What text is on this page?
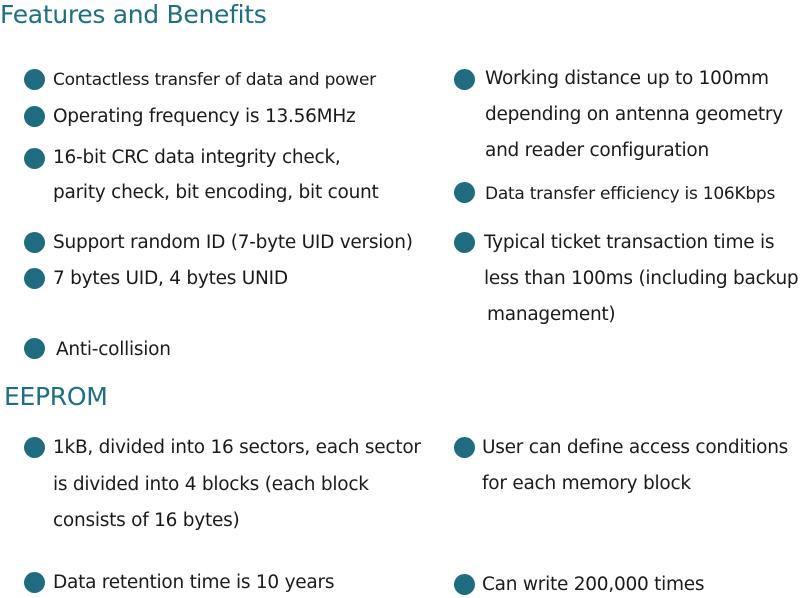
Features and Benefits
EEPROM
Contactless transfer of data and power
Operating frequency is 13.56MHz
16-bit CRC data integrity check,
parity check, bit encoding, bit count
Support random ID (7-byte UID version)
7 bytes UID, 4 bytes UNID
Anti-collision
Working distance up to 100mm
depending on antenna geometry
and reader configuration
Data transfer efficiency is 106Kbps
Typical ticket transaction time is
less than 100ms (including backup
management)
1kB, divided into 16 sectors, each sector
is divided into 4 blocks (each block
consists of 16 bytes)
Data retention time is 10 years
User can define access conditions
for each memory block
Can write 200,000 times
